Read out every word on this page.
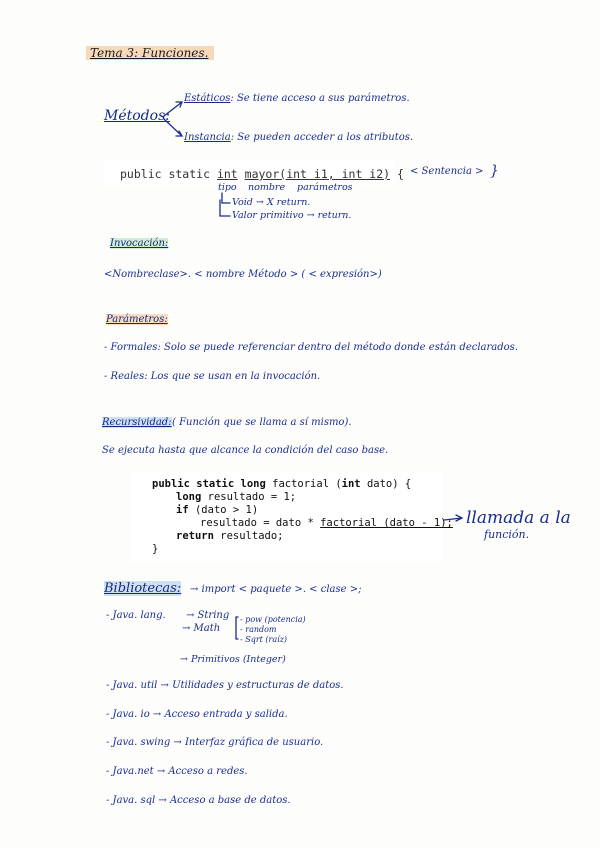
Tema 3: Funciones.
Métodos:
Estáticos: Se tiene acceso a sus parámetros.
Instancia: Se pueden acceder a los atributos.
public static int mayor(int i1, int i2) { < Sentencia > }
tipo nombre parámetros
Void → X return.
Valor primitivo → return.
Invocación:
<Nombreclase>. < nombre Método > ( < expresión>)
Parámetros:
- Formales: Solo se puede referenciar dentro del método donde están declarados.
- Reales: Los que se usan en la invocación.
Recursividad: ( Función que se llama a sí mismo).
Se ejecuta hasta que alcance la condición del caso base.
public static long factorial (int dato) {
long resultado = 1;
if (dato > 1)
resultado = dato * factorial (dato - 1);
return resultado;
}
llamada a la
función.
Bibliotecas: → import < paquete >. < clase >;
- Java. lang. → String
→ Math
- pow (potencia)
- random
- Sqrt (raíz)
→ Primitivos (Integer)
- Java. util → Utilidades y estructuras de datos.
- Java. io → Acceso entrada y salida.
- Java. swing → Interfaz gráfica de usuario.
- Java.net → Acceso a redes.
- Java. sql → Acceso a base de datos.
